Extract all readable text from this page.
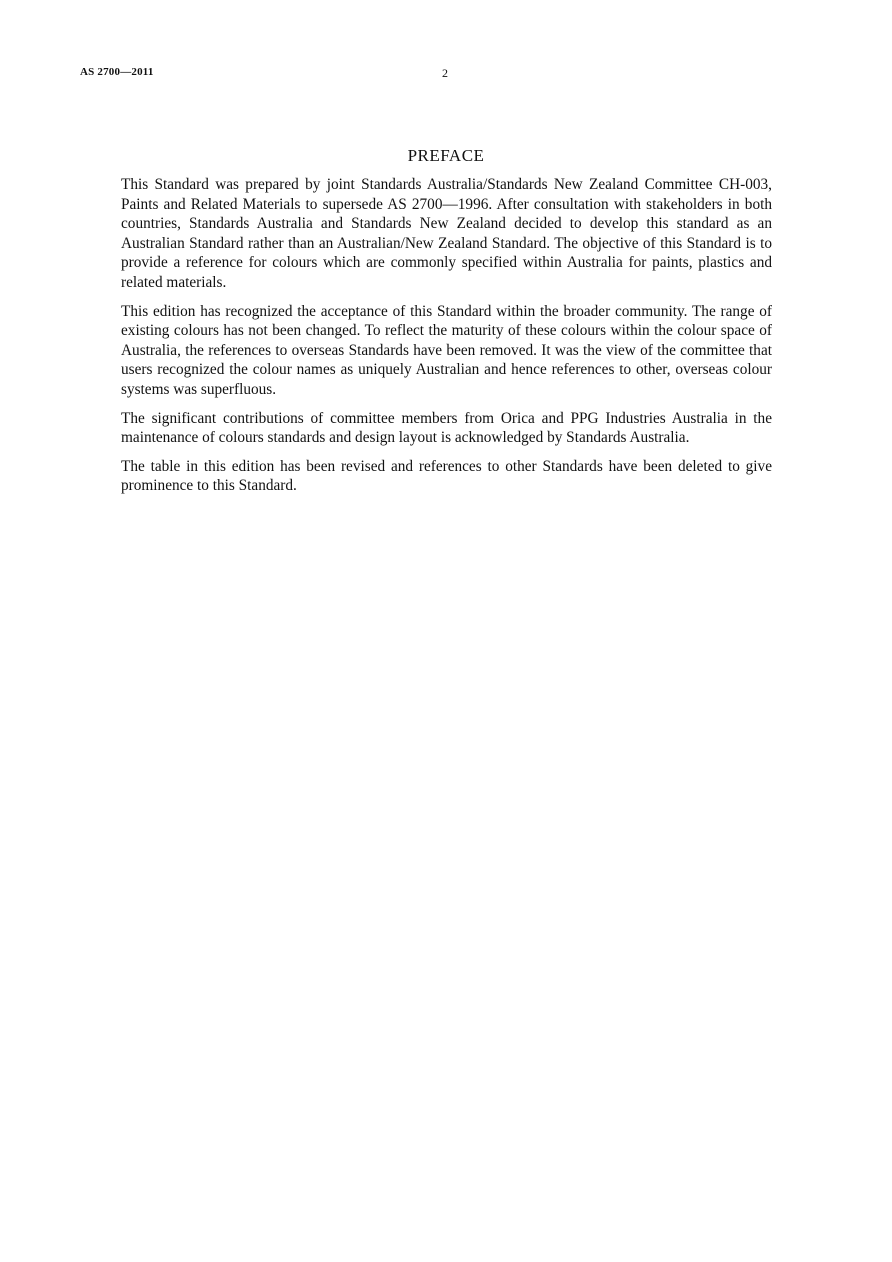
AS 2700—2011	2
PREFACE

This Standard was prepared by joint Standards Australia/Standards New Zealand Committee CH-003, Paints and Related Materials to supersede AS 2700—1996. After consultation with stakeholders in both countries, Standards Australia and Standards New Zealand decided to develop this standard as an Australian Standard rather than an Australian/New Zealand Standard. The objective of this Standard is to provide a reference for colours which are commonly specified within Australia for paints, plastics and related materials.

This edition has recognized the acceptance of this Standard within the broader community. The range of existing colours has not been changed. To reflect the maturity of these colours within the colour space of Australia, the references to overseas Standards have been removed. It was the view of the committee that users recognized the colour names as uniquely Australian and hence references to other, overseas colour systems was superfluous.

The significant contributions of committee members from Orica and PPG Industries Australia in the maintenance of colours standards and design layout is acknowledged by Standards Australia.

The table in this edition has been revised and references to other Standards have been deleted to give prominence to this Standard.
